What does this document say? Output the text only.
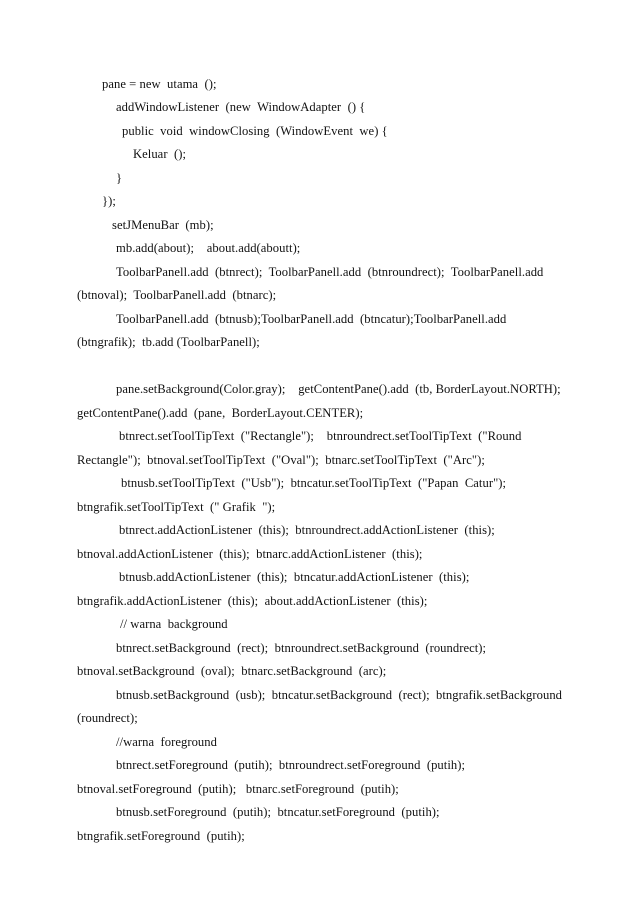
pane = new  utama  ();

addWindowListener  (new  WindowAdapter  () {

public  void  windowClosing  (WindowEvent  we) {

Keluar  ();

}

});

setJMenuBar  (mb);

mb.add(about);    about.add(aboutt);

ToolbarPanell.add  (btnrect);  ToolbarPanell.add  (btnroundrect);  ToolbarPanell.add

(btnoval);  ToolbarPanell.add  (btnarc);

ToolbarPanell.add  (btnusb);ToolbarPanell.add  (btncatur);ToolbarPanell.add

(btngrafik);  tb.add (ToolbarPanell);

pane.setBackground(Color.gray);    getContentPane().add  (tb, BorderLayout.NORTH);

getContentPane().add  (pane,  BorderLayout.CENTER);

btnrect.setToolTipText  ("Rectangle");    btnroundrect.setToolTipText  ("Round

Rectangle");  btnoval.setToolTipText  ("Oval");  btnarc.setToolTipText  ("Arc");

btnusb.setToolTipText  ("Usb");  btncatur.setToolTipText  ("Papan  Catur");

btngrafik.setToolTipText  (" Grafik  ");

btnrect.addActionListener  (this);  btnroundrect.addActionListener  (this);

btnoval.addActionListener  (this);  btnarc.addActionListener  (this);

btnusb.addActionListener  (this);  btncatur.addActionListener  (this);

btngrafik.addActionListener  (this);  about.addActionListener  (this);

// warna  background

btnrect.setBackground  (rect);  btnroundrect.setBackground  (roundrect);

btnoval.setBackground  (oval);  btnarc.setBackground  (arc);

btnusb.setBackground  (usb);  btncatur.setBackground  (rect);  btngrafik.setBackground

(roundrect);

//warna  foreground

btnrect.setForeground  (putih);  btnroundrect.setForeground  (putih);

btnoval.setForeground  (putih);   btnarc.setForeground  (putih);

btnusb.setForeground  (putih);  btncatur.setForeground  (putih);

btngrafik.setForeground  (putih);
